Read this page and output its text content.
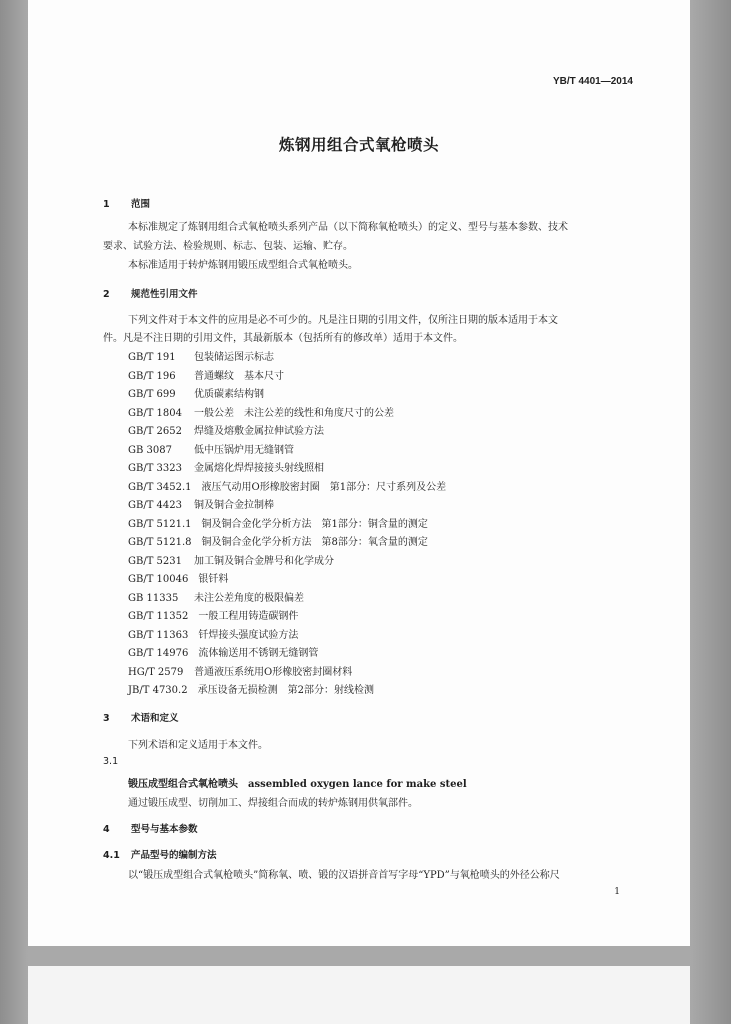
YB/T 4401—2014
炼钢用组合式氧枪喷头
1 范围
本标准规定了炼钢用组合式氧枪喷头系列产品（以下简称氧枪喷头）的定义、型号与基本参数、技术
要求、试验方法、检验规则、标志、包装、运输、贮存。
本标准适用于转炉炼钢用锻压成型组合式氧枪喷头。
2 规范性引用文件
下列文件对于本文件的应用是必不可少的。凡是注日期的引用文件，仅所注日期的版本适用于本文
件。凡是不注日期的引用文件，其最新版本（包括所有的修改单）适用于本文件。
GB/T 191　 包装储运图示标志
GB/T 196　 普通螺纹　基本尺寸
GB/T 699　 优质碳素结构钢
GB/T 1804　 一般公差　未注公差的线性和角度尺寸的公差
GB/T 2652　 焊缝及熔敷金属拉伸试验方法
GB 3087　 低中压锅炉用无缝钢管
GB/T 3323　 金属熔化焊焊接接头射线照相
GB/T 3452.1　 液压气动用O形橡胶密封圈　第1部分：尺寸系列及公差
GB/T 4423　 铜及铜合金拉制棒
GB/T 5121.1　 铜及铜合金化学分析方法　第1部分：铜含量的测定
GB/T 5121.8　 铜及铜合金化学分析方法　第8部分：氧含量的测定
GB/T 5231　 加工铜及铜合金牌号和化学成分
GB/T 10046　 银钎料
GB 11335　 未注公差角度的极限偏差
GB/T 11352　 一般工程用铸造碳钢件
GB/T 11363　 钎焊接头强度试验方法
GB/T 14976　 流体输送用不锈钢无缝钢管
HG/T 2579　 普通液压系统用O形橡胶密封圈材料
JB/T 4730.2　 承压设备无损检测　第2部分：射线检测
3 术语和定义
下列术语和定义适用于本文件。
3.1
锻压成型组合式氧枪喷头　 assembled oxygen lance for make steel
通过锻压成型、切削加工、焊接组合而成的转炉炼钢用供氧部件。
4 型号与基本参数
4.1 产品型号的编制方法
以“锻压成型组合式氧枪喷头”简称氧、喷、锻的汉语拼音首写字母“YPD”与氧枪喷头的外径公称尺
1
